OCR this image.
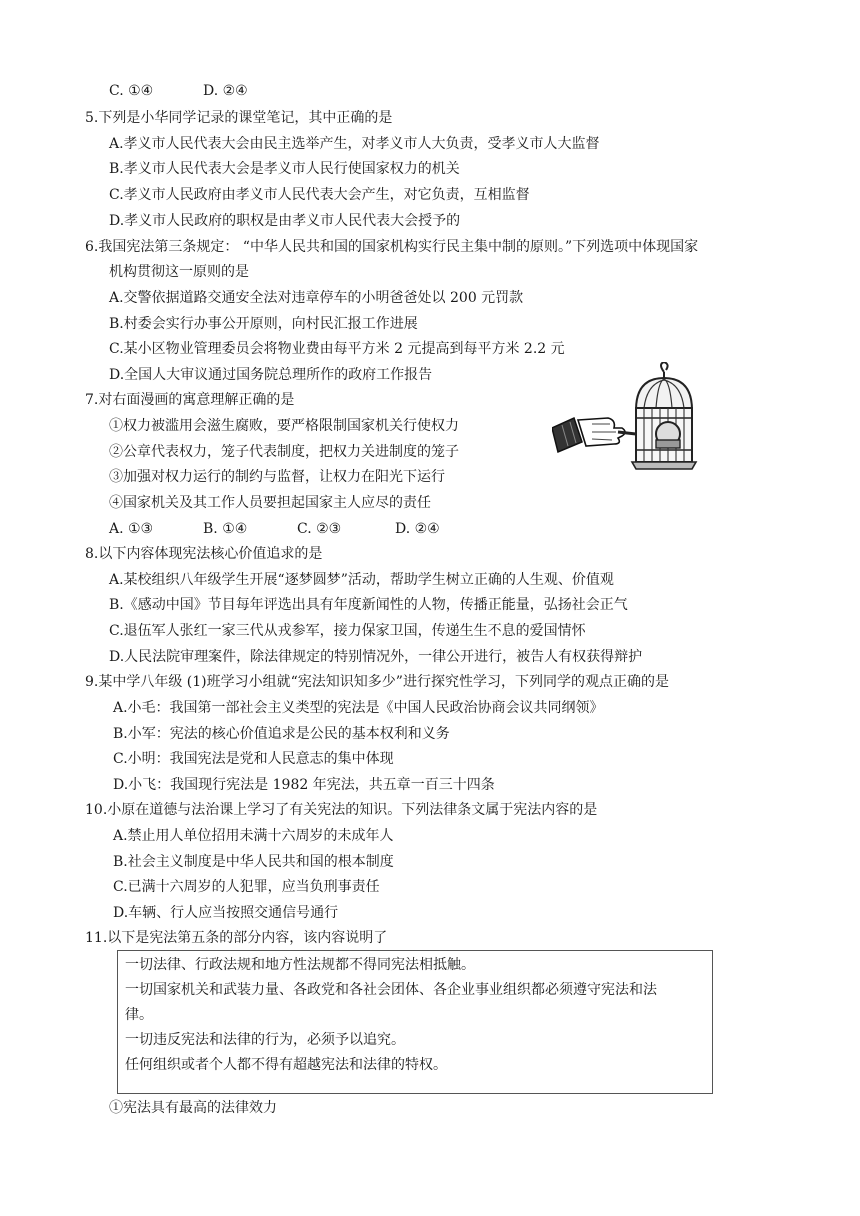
C. ①④	D. ②④
5.下列是小华同学记录的课堂笔记，其中正确的是
A.孝义市人民代表大会由民主选举产生，对孝义市人大负责，受孝义市人大监督
B.孝义市人民代表大会是孝义市人民行使国家权力的机关
C.孝义市人民政府由孝义市人民代表大会产生，对它负责，互相监督
D.孝义市人民政府的职权是由孝义市人民代表大会授予的
6.我国宪法第三条规定： “中华人民共和国的国家机构实行民主集中制的原则。”下列选项中体现国家
机构贯彻这一原则的是
A.交警依据道路交通安全法对违章停车的小明爸爸处以 200 元罚款
B.村委会实行办事公开原则，向村民汇报工作进展
C.某小区物业管理委员会将物业费由每平方米 2 元提高到每平方米 2.2 元
D.全国人大审议通过国务院总理所作的政府工作报告
7.对右面漫画的寓意理解正确的是
①权力被滥用会滋生腐败，要严格限制国家机关行使权力
②公章代表权力，笼子代表制度，把权力关进制度的笼子
③加强对权力运行的制约与监督，让权力在阳光下运行
④国家机关及其工作人员要担起国家主人应尽的责任
A. ①③	B. ①④	C. ②③	D. ②④
8.以下内容体现宪法核心价值追求的是
A.某校组织八年级学生开展“逐梦圆梦”活动，帮助学生树立正确的人生观、价值观
B.《感动中国》节目每年评选出具有年度新闻性的人物，传播正能量，弘扬社会正气
C.退伍军人张红一家三代从戎参军，接力保家卫国，传递生生不息的爱国情怀
D.人民法院审理案件，除法律规定的特别情况外，一律公开进行，被告人有权获得辩护
9.某中学八年级 (1)班学习小组就“宪法知识知多少”进行探究性学习，下列同学的观点正确的是
A.小毛：我国第一部社会主义类型的宪法是《中国人民政治协商会议共同纲领》
B.小军：宪法的核心价值追求是公民的基本权利和义务
C.小明：我国宪法是党和人民意志的集中体现
D.小飞：我国现行宪法是 1982 年宪法，共五章一百三十四条
10.小原在道德与法治课上学习了有关宪法的知识。下列法律条文属于宪法内容的是
A.禁止用人单位招用未满十六周岁的未成年人
B.社会主义制度是中华人民共和国的根本制度
C.已满十六周岁的人犯罪，应当负刑事责任
D.车辆、行人应当按照交通信号通行
11.以下是宪法第五条的部分内容，该内容说明了
一切法律、行政法规和地方性法规都不得同宪法相抵触。
一切国家机关和武装力量、各政党和各社会团体、各企业事业组织都必须遵守宪法和法
律。
一切违反宪法和法律的行为，必须予以追究。
任何组织或者个人都不得有超越宪法和法律的特权。
①宪法具有最高的法律效力
